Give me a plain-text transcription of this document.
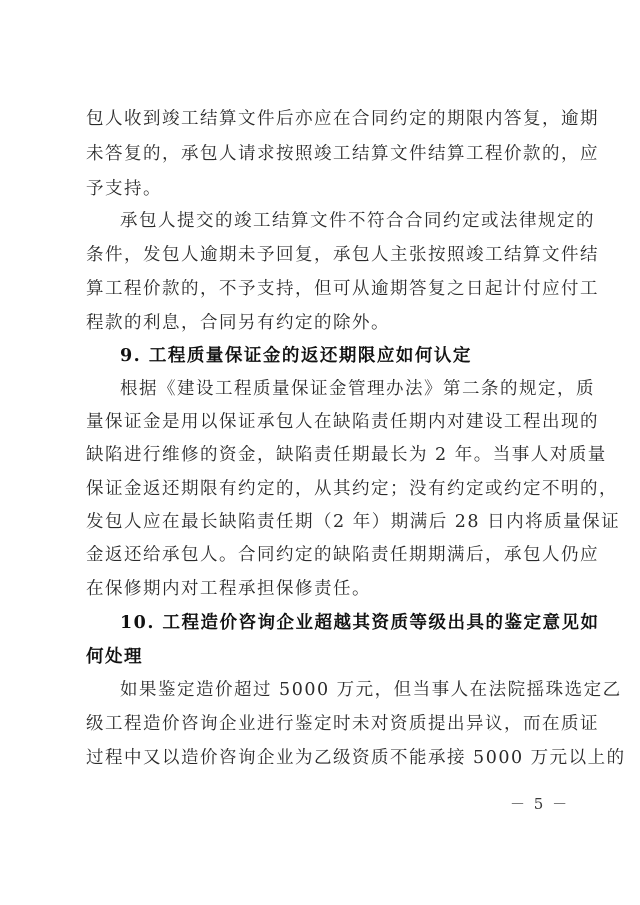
包人收到竣工结算文件后亦应在合同约定的期限内答复，逾期
未答复的，承包人请求按照竣工结算文件结算工程价款的，应
予支持。
承包人提交的竣工结算文件不符合合同约定或法律规定的
条件，发包人逾期未予回复，承包人主张按照竣工结算文件结
算工程价款的，不予支持，但可从逾期答复之日起计付应付工
程款的利息，合同另有约定的除外。
9. 工程质量保证金的返还期限应如何认定
根据《建设工程质量保证金管理办法》第二条的规定，质
量保证金是用以保证承包人在缺陷责任期内对建设工程出现的
缺陷进行维修的资金，缺陷责任期最长为 2 年。当事人对质量
保证金返还期限有约定的，从其约定；没有约定或约定不明的，
发包人应在最长缺陷责任期（2 年）期满后 28 日内将质量保证
金返还给承包人。合同约定的缺陷责任期期满后，承包人仍应
在保修期内对工程承担保修责任。
10. 工程造价咨询企业超越其资质等级出具的鉴定意见如
何处理
如果鉴定造价超过 5000 万元，但当事人在法院摇珠选定乙
级工程造价咨询企业进行鉴定时未对资质提出异议，而在质证
过程中又以造价咨询企业为乙级资质不能承接 5000 万元以上的
－ 5 －
